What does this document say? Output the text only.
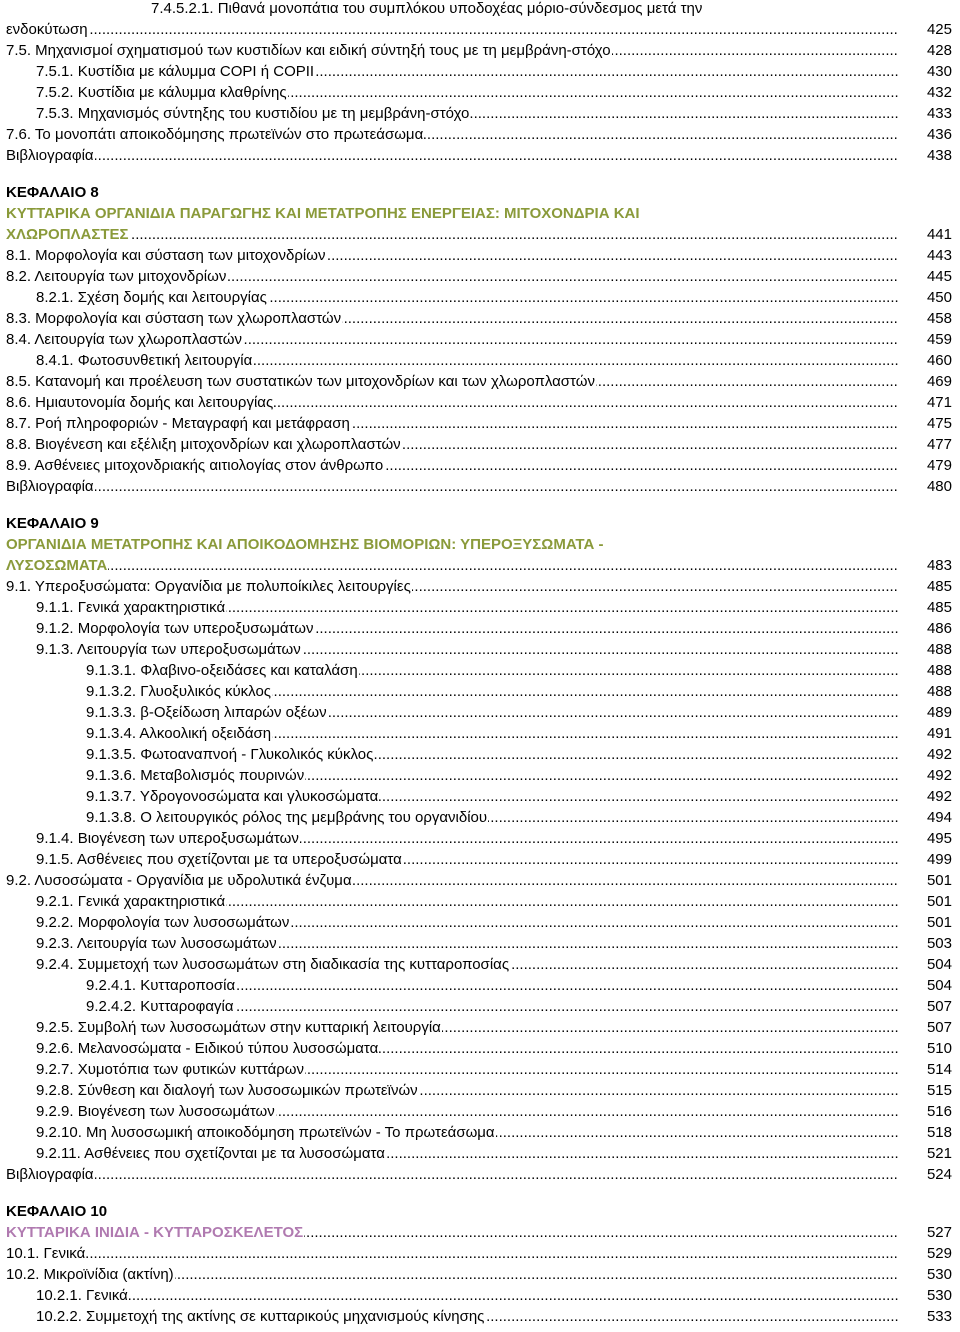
7.4.5.2.1. Πιθανά μονοπάτια του συμπλόκου υποδοχέας μόριο-σύνδεσμος μετά την
.....
ενδοκύτωση	425
.....
7.5. Μηχανισμοί σχηματισμού των κυστιδίων και ειδική σύντηξή τους με τη μεμβράνη-στόχο	428
.....
7.5.1. Κυστίδια με κάλυμμα COPI ή COPII	430
.....
7.5.2. Κυστίδια με κάλυμμα κλαθρίνης	432
.....
7.5.3. Μηχανισμός σύντηξης του κυστιδίου με τη μεμβράνη-στόχο	433
.....
7.6. Το μονοπάτι αποικοδόμησης πρωτεϊνών στο πρωτεάσωμα	436
.....
Βιβλιογραφία	438
ΚΕΦΑΛΑΙΟ 8
ΚΥΤΤΑΡΙΚΑ ΟΡΓΑΝΙΔΙΑ ΠΑΡΑΓΩΓΗΣ ΚΑΙ ΜΕΤΑΤΡΟΠΗΣ ΕΝΕΡΓΕΙΑΣ: ΜΙΤΟΧΟΝΔΡΙΑ ΚΑΙ
.....
ΧΛΩΡΟΠΛΑΣΤΕΣ	441
.....
8.1. Μορφολογία και σύσταση των μιτοχονδρίων	443
.....
8.2. Λειτουργία των μιτοχονδρίων	445
.....
8.2.1. Σχέση δομής και λειτουργίας	450
.....
8.3. Μορφολογία και σύσταση των χλωροπλαστών	458
.....
8.4. Λειτουργία των χλωροπλαστών	459
.....
8.4.1. Φωτοσυνθετική λειτουργία	460
.....
8.5. Κατανομή και προέλευση των συστατικών των μιτοχονδρίων και των χλωροπλαστών	469
.....
8.6. Ημιαυτονομία δομής και λειτουργίας	471
.....
8.7. Ροή πληροφοριών - Μεταγραφή και μετάφραση	475
.....
8.8. Βιογένεση και εξέλιξη μιτοχονδρίων και χλωροπλαστών	477
.....
8.9. Ασθένειες μιτοχονδριακής αιτιολογίας στον άνθρωπο	479
.....
Βιβλιογραφία	480
ΚΕΦΑΛΑΙΟ 9
ΟΡΓΑΝΙΔΙΑ ΜΕΤΑΤΡΟΠΗΣ ΚΑΙ ΑΠΟΙΚΟΔΟΜΗΣΗΣ ΒΙΟΜΟΡΙΩΝ: ΥΠΕΡΟΞΥΣΩΜΑΤΑ -
.....
ΛΥΣΟΣΩΜΑΤΑ	483
.....
9.1. Υπεροξυσώματα: Οργανίδια με πολυποίκιλες λειτουργίες	485
.....
9.1.1. Γενικά χαρακτηριστικά	485
.....
9.1.2. Μορφολογία των υπεροξυσωμάτων	486
.....
9.1.3. Λειτουργία των υπεροξυσωμάτων	488
.....
9.1.3.1. Φλαβινο-οξειδάσες και καταλάση	488
.....
9.1.3.2. Γλυοξυλικός κύκλος	488
.....
9.1.3.3. β-Οξείδωση λιπαρών οξέων	489
.....
9.1.3.4. Αλκοολική οξειδάση	491
.....
9.1.3.5. Φωτοαναπνοή - Γλυκολικός κύκλος	492
.....
9.1.3.6. Μεταβολισμός πουρινών	492
.....
9.1.3.7. Υδρογονοσώματα και γλυκοσώματα	492
.....
9.1.3.8. Ο λειτουργικός ρόλος της μεμβράνης του οργανιδίου	494
.....
9.1.4. Βιογένεση των υπεροξυσωμάτων	495
.....
9.1.5. Ασθένειες που σχετίζονται με τα υπεροξυσώματα	499
.....
9.2. Λυσοσώματα - Οργανίδια με υδρολυτικά ένζυμα	501
.....
9.2.1. Γενικά χαρακτηριστικά	501
.....
9.2.2. Μορφολογία των λυσοσωμάτων	501
.....
9.2.3. Λειτουργία των λυσοσωμάτων	503
.....
9.2.4. Συμμετοχή των λυσοσωμάτων στη διαδικασία της κυτταροποσίας	504
.....
9.2.4.1. Κυτταροποσία	504
.....
9.2.4.2. Κυτταροφαγία	507
.....
9.2.5. Συμβολή των λυσοσωμάτων στην κυτταρική λειτουργία	507
.....
9.2.6. Μελανοσώματα - Ειδικού τύπου λυσοσώματα	510
.....
9.2.7. Χυμοτόπια των φυτικών κυττάρων	514
.....
9.2.8. Σύνθεση και διαλογή των λυσοσωμικών πρωτεϊνών	515
.....
9.2.9. Βιογένεση των λυσοσωμάτων	516
.....
9.2.10. Μη λυσοσωμική αποικοδόμηση πρωτεϊνών - Το πρωτεάσωμα	518
.....
9.2.11. Ασθένειες που σχετίζονται με τα λυσοσώματα	521
.....
Βιβλιογραφία	524
ΚΕΦΑΛΑΙΟ 10
.....
ΚΥΤΤΑΡΙΚΑ ΙΝΙΔΙΑ - ΚΥΤΤΑΡΟΣΚΕΛΕΤΟΣ	527
.....
10.1. Γενικά	529
.....
10.2. Μικροϊνίδια (ακτίνη)	530
.....
10.2.1. Γενικά	530
.....
10.2.2. Συμμετοχή της ακτίνης σε κυτταρικούς μηχανισμούς κίνησης	533
